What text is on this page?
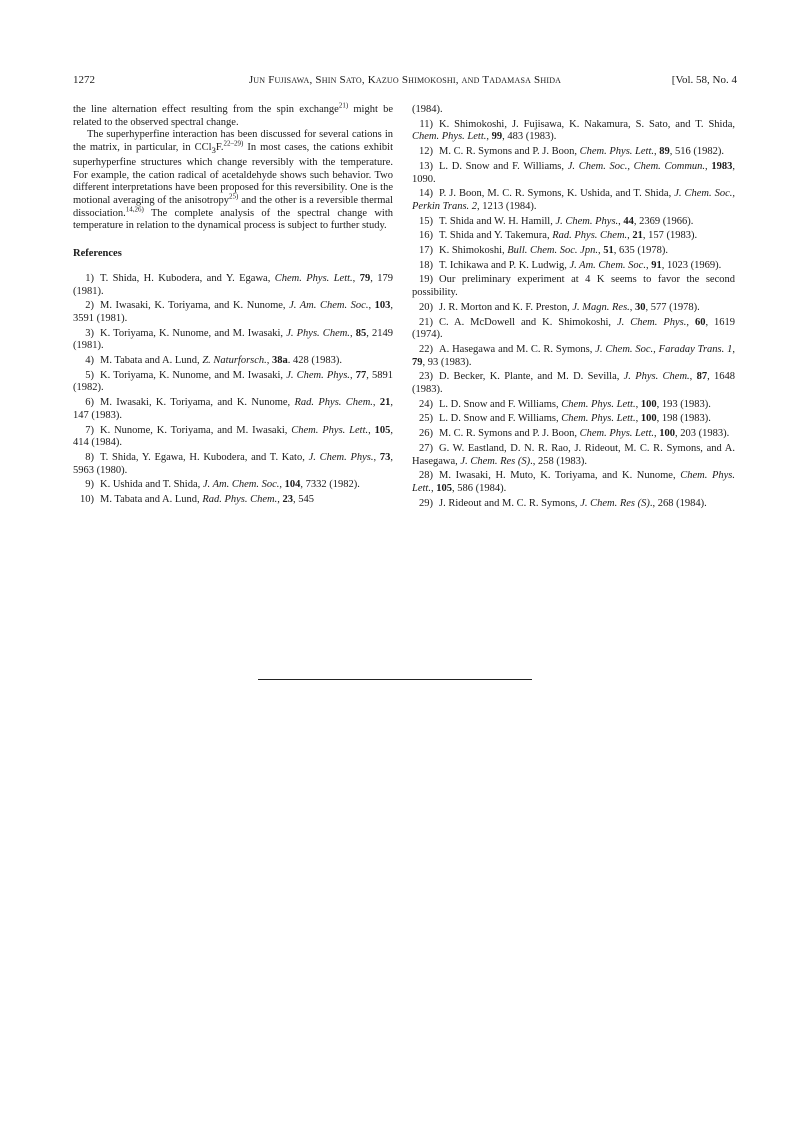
1272	Jun Fujisawa, Shin Sato, Kazuo Shimokoshi, and Tadamasa Shida	[Vol. 58, No. 4

the line alternation effect resulting from the spin exchange$^{21)}$ might be related to the observed spectral change.

The superhyperfine interaction has been discussed for several cations in the matrix, in particular, in CCl$_3$F.$^{22-29)}$ In most cases, the cations exhibit superhyperfine structures which change reversibly with the temperature. For example, the cation radical of acetaldehyde shows such behavior. Two different interpretations have been proposed for this reversibility. One is the motional averaging of the anisotropy$^{25)}$ and the other is a reversible thermal dissociation.$^{14,26)}$ The complete analysis of the spectral change with temperature in relation to the dynamical process is subject to further study.

References

1) T. Shida, H. Kubodera, and Y. Egawa, Chem. Phys. Lett., 79, 179 (1981).

2) M. Iwasaki, K. Toriyama, and K. Nunome, J. Am. Chem. Soc., 103, 3591 (1981).

3) K. Toriyama, K. Nunome, and M. Iwasaki, J. Phys. Chem., 85, 2149 (1981).

4) M. Tabata and A. Lund, Z. Naturforsch., 38a. 428 (1983).

5) K. Toriyama, K. Nunome, and M. Iwasaki, J. Chem. Phys., 77, 5891 (1982).

6) M. Iwasaki, K. Toriyama, and K. Nunome, Rad. Phys. Chem., 21, 147 (1983).

7) K. Nunome, K. Toriyama, and M. Iwasaki, Chem. Phys. Lett., 105, 414 (1984).

8) T. Shida, Y. Egawa, H. Kubodera, and T. Kato, J. Chem. Phys., 73, 5963 (1980).

9) K. Ushida and T. Shida, J. Am. Chem. Soc., 104, 7332 (1982).

10) M. Tabata and A. Lund, Rad. Phys. Chem., 23, 545

(1984).

11) K. Shimokoshi, J. Fujisawa, K. Nakamura, S. Sato, and T. Shida, Chem. Phys. Lett., 99, 483 (1983).

12) M. C. R. Symons and P. J. Boon, Chem. Phys. Lett., 89, 516 (1982).

13) L. D. Snow and F. Williams, J. Chem. Soc., Chem. Commun., 1983, 1090.

14) P. J. Boon, M. C. R. Symons, K. Ushida, and T. Shida, J. Chem. Soc., Perkin Trans. 2, 1213 (1984).

15) T. Shida and W. H. Hamill, J. Chem. Phys., 44, 2369 (1966).

16) T. Shida and Y. Takemura, Rad. Phys. Chem., 21, 157 (1983).

17) K. Shimokoshi, Bull. Chem. Soc. Jpn., 51, 635 (1978).

18) T. Ichikawa and P. K. Ludwig, J. Am. Chem. Soc., 91, 1023 (1969).

19) Our preliminary experiment at 4 K seems to favor the second possibility.

20) J. R. Morton and K. F. Preston, J. Magn. Res., 30, 577 (1978).

21) C. A. McDowell and K. Shimokoshi, J. Chem. Phys., 60, 1619 (1974).

22) A. Hasegawa and M. C. R. Symons, J. Chem. Soc., Faraday Trans. 1, 79, 93 (1983).

23) D. Becker, K. Plante, and M. D. Sevilla, J. Phys. Chem., 87, 1648 (1983).

24) L. D. Snow and F. Williams, Chem. Phys. Lett., 100, 193 (1983).

25) L. D. Snow and F. Williams, Chem. Phys. Lett., 100, 198 (1983).

26) M. C. R. Symons and P. J. Boon, Chem. Phys. Lett., 100, 203 (1983).

27) G. W. Eastland, D. N. R. Rao, J. Rideout, M. C. R. Symons, and A. Hasegawa, J. Chem. Res (S)., 258 (1983).

28) M. Iwasaki, H. Muto, K. Toriyama, and K. Nunome, Chem. Phys. Lett., 105, 586 (1984).

29) J. Rideout and M. C. R. Symons, J. Chem. Res (S)., 268 (1984).
